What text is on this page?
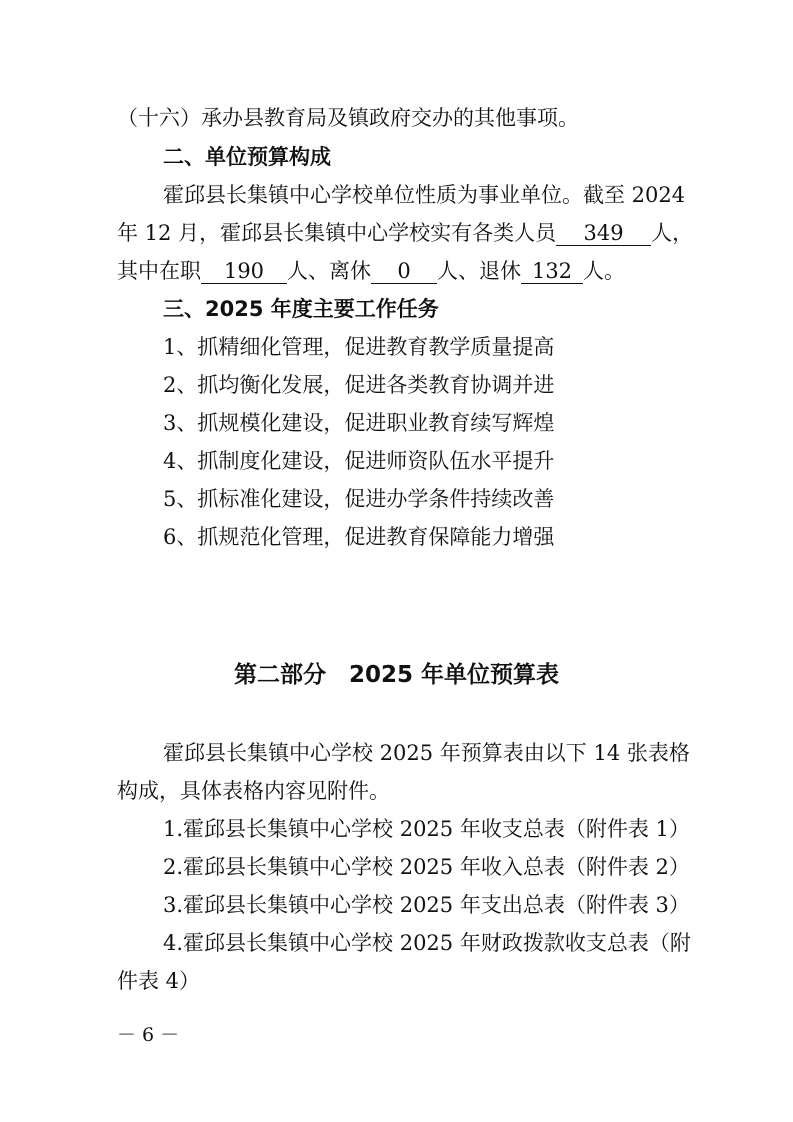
（十六）承办县教育局及镇政府交办的其他事项。
二、单位预算构成
霍邱县长集镇中心学校单位性质为事业单位。截至 2024
年 12 月，霍邱县长集镇中心学校实有各类人员 349 人，
其中在职 190 人、离休 0 人、退休 132 人。
三、2025 年度主要工作任务
1、抓精细化管理，促进教育教学质量提高
2、抓均衡化发展，促进各类教育协调并进
3、抓规模化建设，促进职业教育续写辉煌
4、抓制度化建设，促进师资队伍水平提升
5、抓标准化建设，促进办学条件持续改善
6、抓规范化管理，促进教育保障能力增强
第二部分　2025 年单位预算表
霍邱县长集镇中心学校 2025 年预算表由以下 14 张表格
构成，具体表格内容见附件。
1.霍邱县长集镇中心学校 2025 年收支总表（附件表 1）
2.霍邱县长集镇中心学校 2025 年收入总表（附件表 2）
3.霍邱县长集镇中心学校 2025 年支出总表（附件表 3）
4.霍邱县长集镇中心学校 2025 年财政拨款收支总表（附
件表 4）
－ 6 －
